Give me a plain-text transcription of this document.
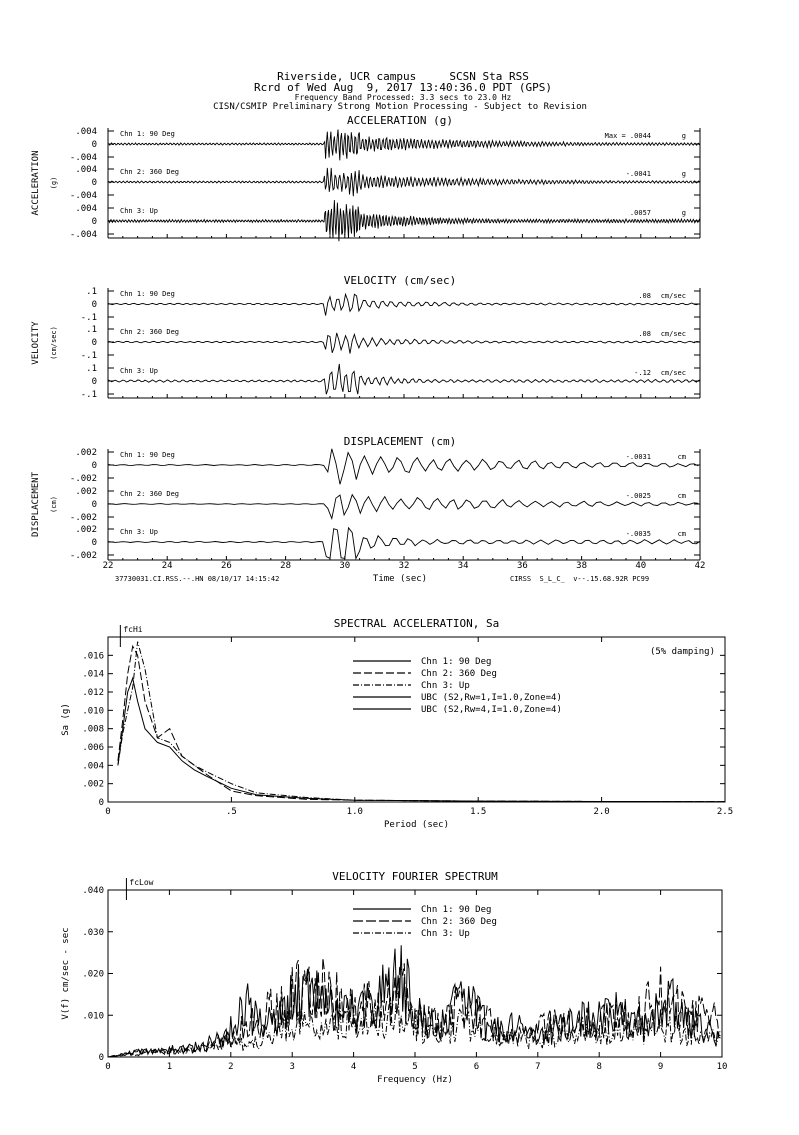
Riverside, UCR campus     SCSN Sta RSS
Rcrd of Wed Aug  9, 2017 13:40:36.0 PDT (GPS)
Frequency Band Processed: 3.3 secs to 23.0 Hz
CISN/CSMIP Preliminary Strong Motion Processing - Subject to Revision
ACCELERATION (g)
ACCELERATION (g)
.004
0
-.004
Chn 1: 90 Deg	Max = .0044	g
.004
0
-.004
Chn 2: 360 Deg	-.0041	g
.004
0
-.004
Chn 3: Up	.0057	g
VELOCITY (cm/sec)
VELOCITY (cm/sec)
.1
0
-.1
Chn 1: 90 Deg	.08 cm/sec
.1
0
-.1
Chn 2: 360 Deg	.08 cm/sec
.1
0
-.1
Chn 3: Up	-.12 cm/sec
DISPLACEMENT (cm)
DISPLACEMENT (cm)
.002
0
-.002
Chn 1: 90 Deg	-.0031	cm
.002
0
-.002
Chn 2: 360 Deg	-.0025	cm
.002
0
-.002
Chn 3: Up	-.0035	cm
22	24	26	28	30	32	34	36	38	40	42
Time (sec)
37730031.CI.RSS.--.HN 08/10/17 14:15:42	CIRSS  S_L_C_  v--.15.68.92R PC99
SPECTRAL ACCELERATION, Sa
0	.5	1.0	1.5	2.0	2.5
.002
.004
.006
.008
.010
.012
.014
.016
0
Period (sec)
Sa (g)
fcHi
(5% damping)
Chn 1: 90 Deg
Chn 2: 360 Deg
Chn 3: Up
UBC (S2,Rw=1,I=1.0,Zone=4)
UBC (S2,Rw=4,I=1.0,Zone=4)
VELOCITY FOURIER SPECTRUM
0	1	2	3	4	5	6	7	8	9	10
0
.010
.020
.030
.040
Frequency (Hz)
V(f) cm/sec - sec
fcLow
Chn 1: 90 Deg
Chn 2: 360 Deg
Chn 3: Up
